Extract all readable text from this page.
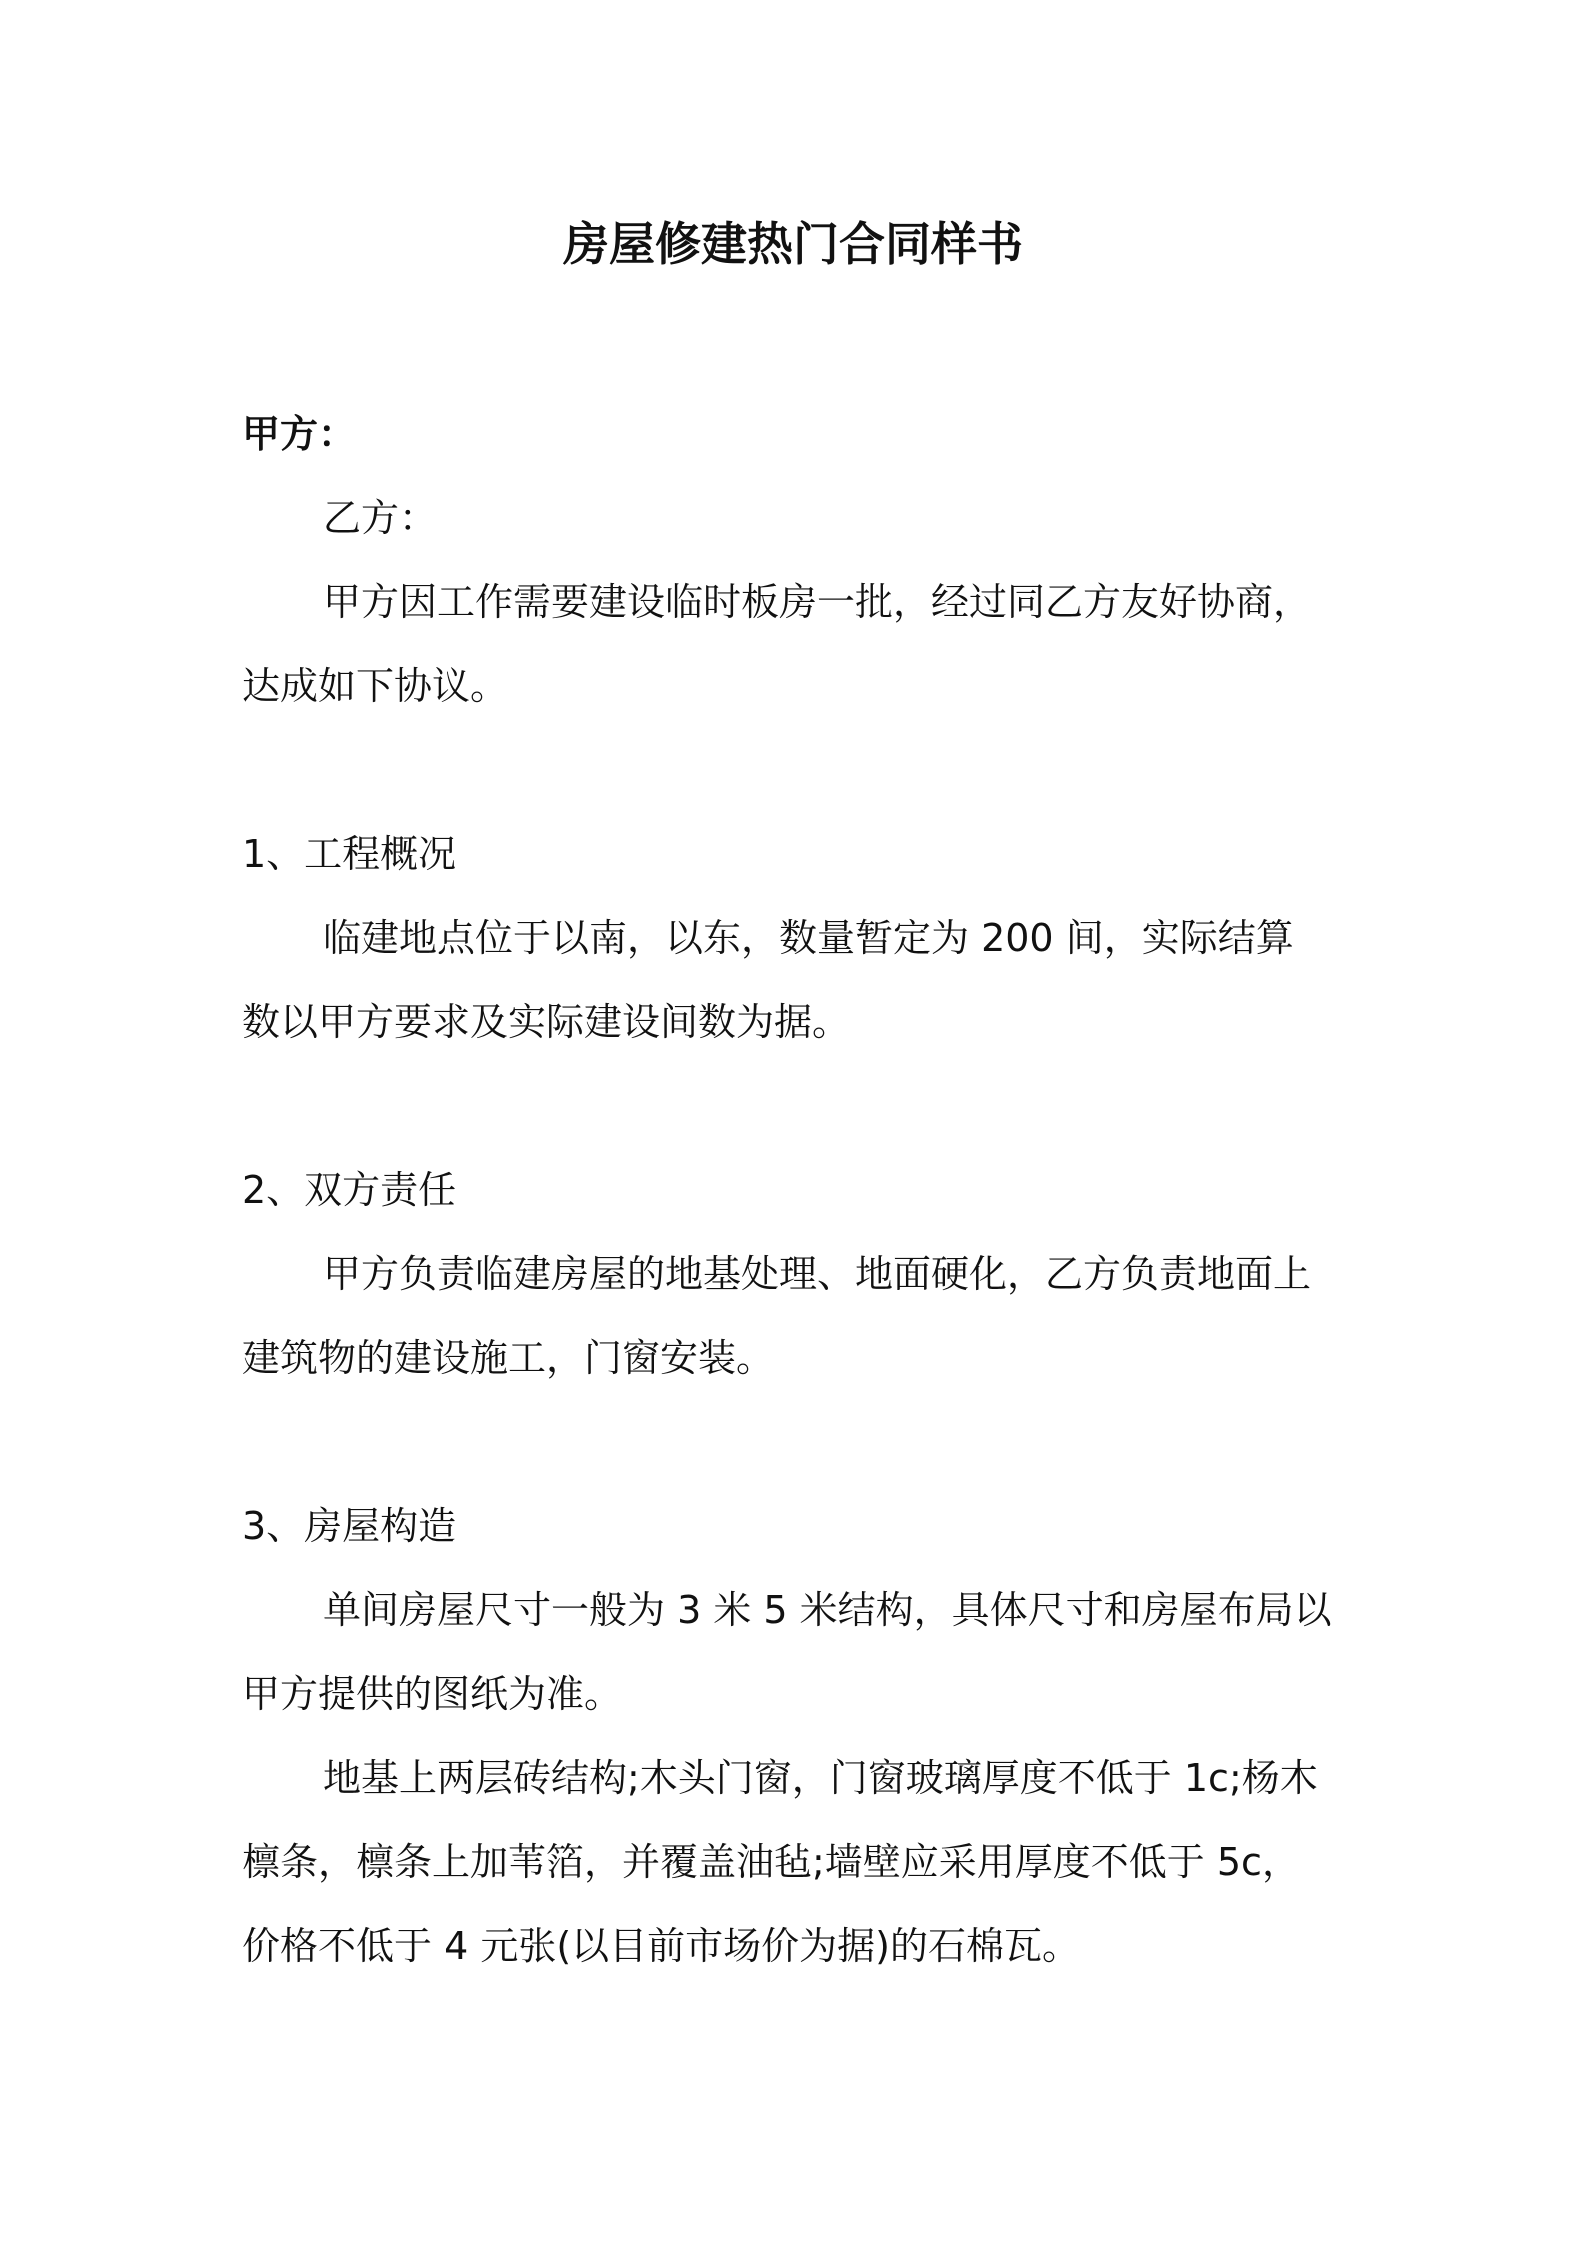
房屋修建热门合同样书
甲方：
乙方：
甲方因工作需要建设临时板房一批，经过同乙方友好协商，
达成如下协议。
1、工程概况
临建地点位于以南，以东，数量暂定为 200 间，实际结算
数以甲方要求及实际建设间数为据。
2、双方责任
甲方负责临建房屋的地基处理、地面硬化，乙方负责地面上
建筑物的建设施工，门窗安装。
3、房屋构造
单间房屋尺寸一般为 3 米 5 米结构，具体尺寸和房屋布局以
甲方提供的图纸为准。
地基上两层砖结构;木头门窗，门窗玻璃厚度不低于 1c;杨木
檩条，檩条上加苇箔，并覆盖油毡;墙壁应采用厚度不低于 5c，
价格不低于 4 元张(以目前市场价为据)的石棉瓦。
